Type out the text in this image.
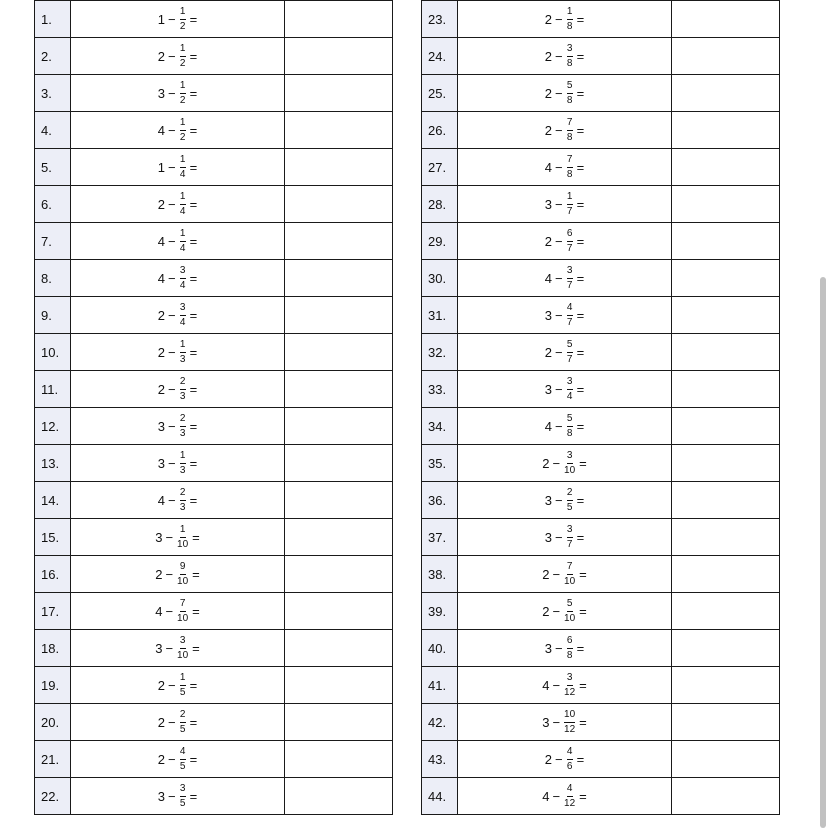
1.	$1 - \frac{1}{2}$ =	

2.	$2 - \frac{1}{2}$ =	

3.	$3 - \frac{1}{2}$ =	

4.	$4 - \frac{1}{2}$ =	

5.	$1 - \frac{1}{4}$ =	

6.	$2 - \frac{1}{4}$ =	

7.	$4 - \frac{1}{4}$ =	

8.	$4 - \frac{3}{4}$ =	

9.	$2 - \frac{3}{4}$ =	

10.	$2 - \frac{1}{3}$ =	

11.	$2 - \frac{2}{3}$ =	

12.	$3 - \frac{2}{3}$ =	

13.	$3 - \frac{1}{3}$ =	

14.	$4 - \frac{2}{3}$ =	

15.	$3 - \frac{1}{10}$ =	

16.	$2 - \frac{9}{10}$ =	

17.	$4 - \frac{7}{10}$ =	

18.	$3 - \frac{3}{10}$ =	

19.	$2 - \frac{1}{5}$ =	

20.	$2 - \frac{2}{5}$ =	

21.	$2 - \frac{4}{5}$ =	

22.	$3 - \frac{3}{5}$ =	

23.	$2 - \frac{1}{8}$ =	

24.	$2 - \frac{3}{8}$ =	

25.	$2 - \frac{5}{8}$ =	

26.	$2 - \frac{7}{8}$ =	

27.	$4 - \frac{7}{8}$ =	

28.	$3 - \frac{1}{7}$ =	

29.	$2 - \frac{6}{7}$ =	

30.	$4 - \frac{3}{7}$ =	

31.	$3 - \frac{4}{7}$ =	

32.	$2 - \frac{5}{7}$ =	

33.	$3 - \frac{3}{4}$ =	

34.	$4 - \frac{5}{8}$ =	

35.	$2 - \frac{3}{10}$ =	

36.	$3 - \frac{2}{5}$ =	

37.	$3 - \frac{3}{7}$ =	

38.	$2 - \frac{7}{10}$ =	

39.	$2 - \frac{5}{10}$ =	

40.	$3 - \frac{6}{8}$ =	

41.	$4 - \frac{3}{12}$ =	

42.	$3 - \frac{10}{12}$ =	

43.	$2 - \frac{4}{6}$ =	

44.	$4 - \frac{4}{12}$ =	
